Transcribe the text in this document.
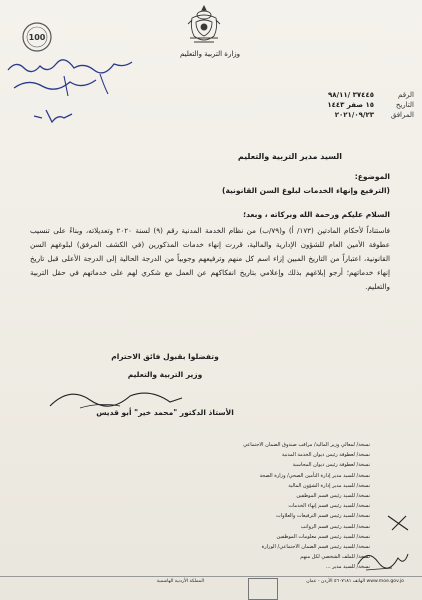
وزارة التربية والتعليم
الرقم
٣٧٤٤٥ /٩٨/١١
التاريخ
١٥ صفر ١٤٤٣
المرافق
٢٠٢١/٠٩/٢٣
100
السيد مدير التربية والتعليم
الموضوع:
(الترفيع وإنهاء الخدمات لبلوغ السن القانونية)
السلام عليكم ورحمة الله وبركاته ، وبعد؛
فاستناداً لأحكام المادتين (١٧٣/ أ) و(٧٩/ب) من نظام الخدمة المدنية رقم (٩) لسنة ٢٠٢٠ وتعديلاته، وبناءً على تنسيب عطوفة الأمين العام للشؤون الإدارية والمالية، قررت إنهاء خدمات المذكورين (في الكشف المرفق) لبلوغهم السن القانونية، اعتباراً من التاريخ المبين إزاء اسم كل منهم وترفيعهم وجوبياً من الدرجة الحالية إلى الدرجة الأعلى قبل تاريخ إنهاء خدماتهم؛ أرجو إبلاغهم بذلك وإعلامي بتاريخ انفكاكهم عن العمل مع شكري لهم على خدماتهم في حقل التربية والتعليم.
وتفضلوا بقبول فائق الاحترام
وزير التربية والتعليم
الأستاذ الدكتور "محمد خير" أبو قديس
نسخة/ لمعالي وزير المالية/ مراقب صندوق الضمان الاجتماعي
نسخة/ لعطوفة رئيس ديوان الخدمة المدنية
نسخة/ لعطوفة رئيس ديوان المحاسبة
نسخة/ للسيد مدير إدارة التأمين الصحي/ وزارة الصحة
نسخة/ للسيد مدير إدارة الشؤون المالية
نسخة/ للسيد رئيس قسم الموظفين
نسخة/ للسيد رئيس قسم إنهاء الخدمات
نسخة/ للسيد رئيس قسم الترفيعات والعلاوات
نسخة/ للسيد رئيس قسم الرواتب
نسخة/ للسيد رئيس قسم معلومات الموظفين
نسخة/ للسيد رئيس قسم الضمان الاجتماعي/ الوزارة
نسخة/ للملف الشخصي لكل منهم
نسخة/ للسيد مدير ...
المملكة الأردنية الهاشمية	www.moe.gov.jo الهاتف ٥٦٠٧١٨١ الأردن - عمان
